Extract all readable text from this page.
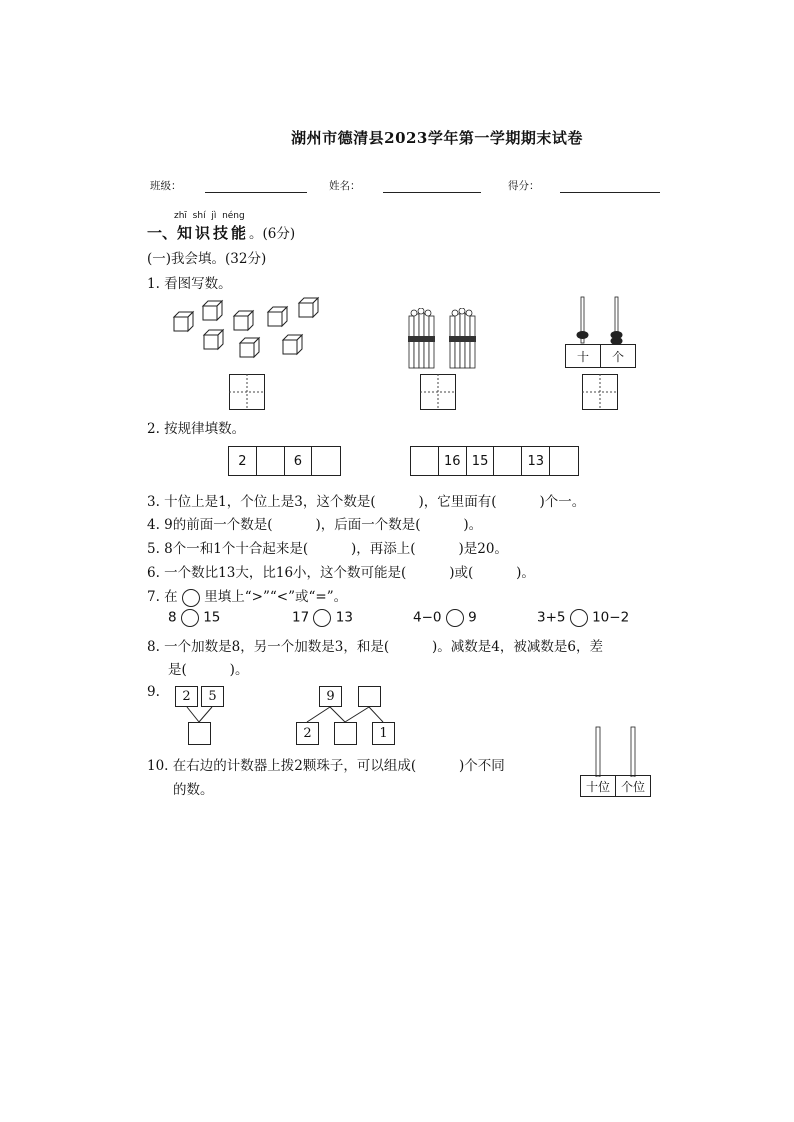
湖州市德清县2023学年第一学期期末试卷
班级：	姓名：	得分：
zhī shí jì néng
一、知识技能。(6分)
(一)我会填。(32分)
1. 看图写数。
十	个
2. 按规律填数。
2	6	16 15	13
3. 十位上是1，个位上是3，这个数是(          )，它里面有(          )个一。
4. 9的前面一个数是(          )，后面一个数是(          )。
5. 8个一和1个十合起来是(          )，再添上(          )是20。
6. 一个数比13大，比16小，这个数可能是(          )或(          )。
7. 在 里填上“>”“<”或“=”。
8 15	17 13	4−0 9	3+5 10−2
8. 一个加数是8，另一个加数是3，和是(          )。减数是4，被减数是6，差
是(          )。
9.	2	5	9
2	1
10. 在右边的计数器上拨2颗珠子，可以组成(          )个不同
的数。	十位 个位
